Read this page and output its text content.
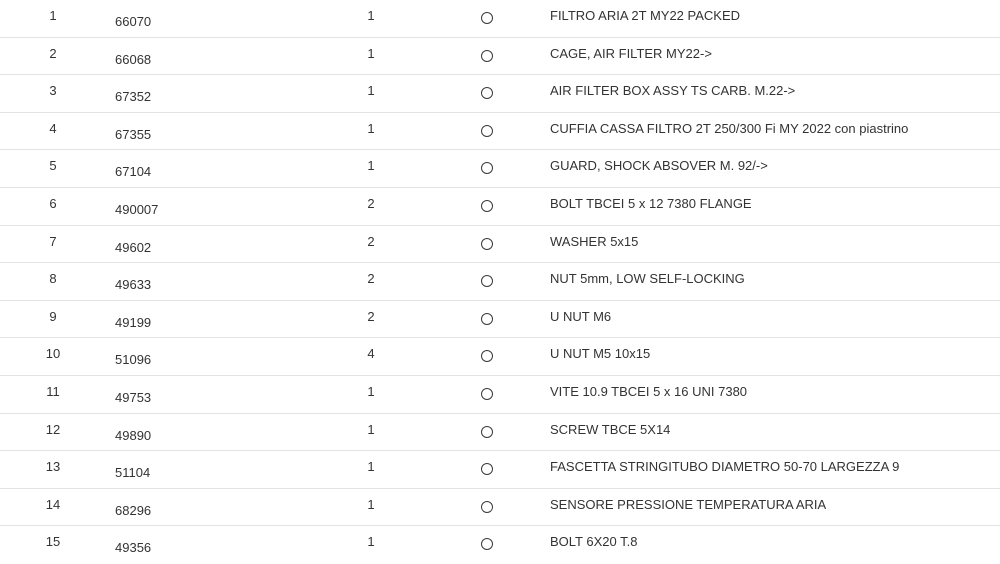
1	66070	1	FILTRO ARIA 2T MY22 PACKED
2	66068	1	CAGE, AIR FILTER MY22->
3	67352	1	AIR FILTER BOX ASSY TS CARB. M.22->
4	67355	1	CUFFIA CASSA FILTRO 2T 250/300 Fi MY 2022 con piastrino
5	67104	1	GUARD, SHOCK ABSOVER M. 92/->
6	490007	2	BOLT TBCEI 5 x 12 7380 FLANGE
7	49602	2	WASHER 5x15
8	49633	2	NUT 5mm, LOW SELF-LOCKING
9	49199	2	U NUT M6
10	51096	4	U NUT M5 10x15
11	49753	1	VITE 10.9 TBCEI 5 x 16 UNI 7380
12	49890	1	SCREW TBCE 5X14
13	51104	1	FASCETTA STRINGITUBO DIAMETRO 50-70 LARGEZZA 9
14	68296	1	SENSORE PRESSIONE TEMPERATURA ARIA
15	49356	1	BOLT 6X20 T.8
